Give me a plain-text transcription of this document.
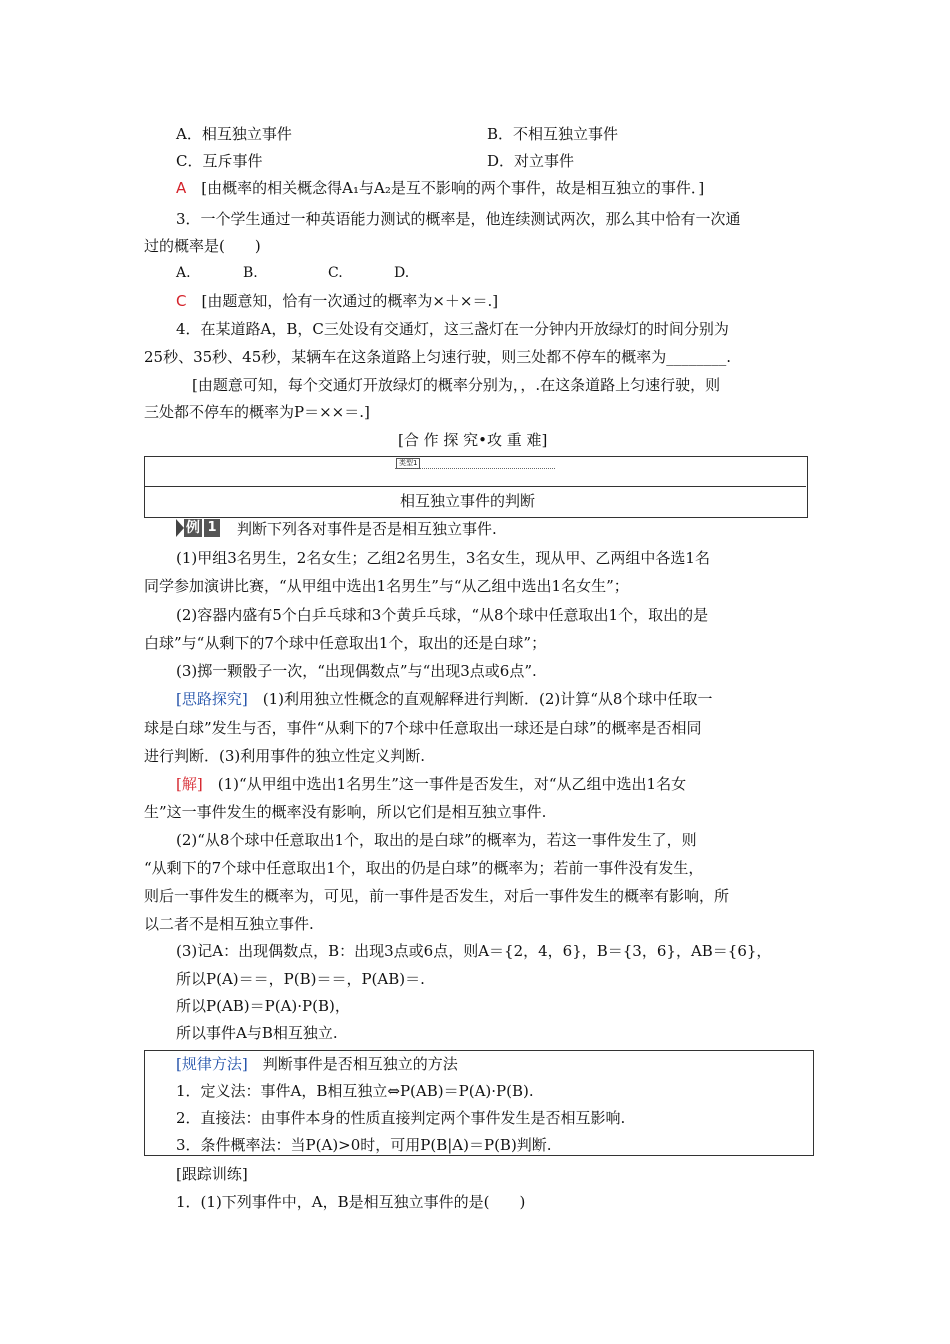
A．相互独立事件	B．不相互独立事件
C．互斥事件	D．对立事件
A　 [由概率的相关概念得A₁与A₂是互不影响的两个事件，故是相互独立的事件．]
3．一个学生通过一种英语能力测试的概率是，他连续测试两次，那么其中恰有一次通
过的概率是(　　)
A.	B.	C.	D.
C　 [由题意知，恰有一次通过的概率为×＋×＝.]
4．在某道路A，B，C三处设有交通灯，这三盏灯在一分钟内开放绿灯的时间分别为
25秒、35秒、45秒，某辆车在这条道路上匀速行驶，则三处都不停车的概率为________.
[由题意可知，每个交通灯开放绿灯的概率分别为，，.在这条道路上匀速行驶，则
三处都不停车的概率为P＝××＝.]
[合 作 探 究•攻 重 难]
类型1
相互独立事件的判断
例 1 判断下列各对事件是否是相互独立事件.
(1)甲组3名男生，2名女生；乙组2名男生，3名女生，现从甲、乙两组中各选1名
同学参加演讲比赛，“从甲组中选出1名男生”与“从乙组中选出1名女生”；
(2)容器内盛有5个白乒乓球和3个黄乒乓球，“从8个球中任意取出1个，取出的是
白球”与“从剩下的7个球中任意取出1个，取出的还是白球”；
(3)掷一颗骰子一次，“出现偶数点”与“出现3点或6点”.
[思路探究]　 (1)利用独立性概念的直观解释进行判断．(2)计算“从8个球中任取一
球是白球”发生与否，事件“从剩下的7个球中任意取出一球还是白球”的概率是否相同
进行判断．(3)利用事件的独立性定义判断.
[解]　 (1)“从甲组中选出1名男生”这一事件是否发生，对“从乙组中选出1名女
生”这一事件发生的概率没有影响，所以它们是相互独立事件.
(2)“从8个球中任意取出1个，取出的是白球”的概率为，若这一事件发生了，则
“从剩下的7个球中任意取出1个，取出的仍是白球”的概率为；若前一事件没有发生，
则后一事件发生的概率为，可见，前一事件是否发生，对后一事件发生的概率有影响，所
以二者不是相互独立事件.
(3)记A：出现偶数点，B：出现3点或6点，则A＝{2，4，6}，B＝{3，6}，AB＝{6}，
所以P(A)＝＝，P(B)＝＝，P(AB)＝.
所以P(AB)＝P(A)·P(B)，
所以事件A与B相互独立.
[规律方法]　 判断事件是否相互独立的方法
1．定义法：事件A，B相互独立⇔P(AB)＝P(A)·P(B).
2．直接法：由事件本身的性质直接判定两个事件发生是否相互影响.
3．条件概率法：当P(A)>0时，可用P(B|A)＝P(B)判断.
[跟踪训练]
1．(1)下列事件中，A，B是相互独立事件的是(　　)
